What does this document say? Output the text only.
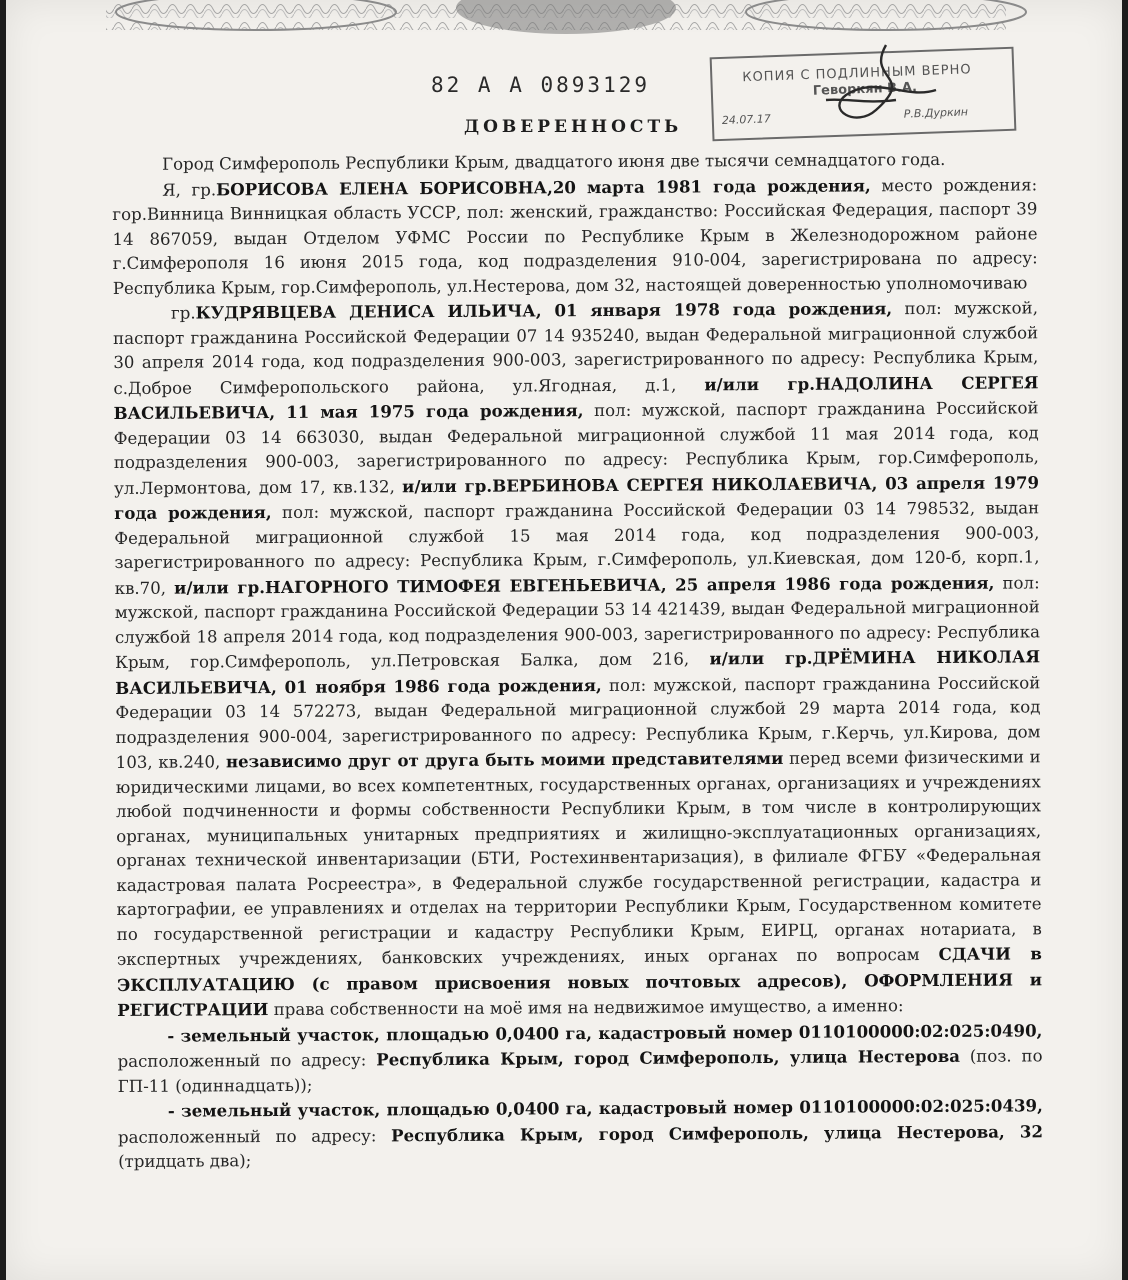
КОПИЯ С ПОДЛИННЫМ ВЕРНО
Геворкян В.А.
24.07.17	Р.В.Дуркин
82 А А 0893129
ДОВЕРЕННОСТЬ

Город Симферополь Республики Крым, двадцатого июня две тысячи семнадцатого года.

Я, гр.БОРИСОВА ЕЛЕНА БОРИСОВНА,20 марта 1981 года рождения, место рождения: гор.Винница Винницкая область УССР, пол: женский, гражданство: Российская Федерация, паспорт 39 14 867059, выдан Отделом УФМС России по Республике Крым в Железнодорожном районе г.Симферополя 16 июня 2015 года, код подразделения 910-004, зарегистрирована по адресу: Республика Крым, гор.Симферополь, ул.Нестерова, дом 32, настоящей доверенностью уполномочиваю

гр.КУДРЯВЦЕВА ДЕНИСА ИЛЬИЧА, 01 января 1978 года рождения, пол: мужской, паспорт гражданина Российской Федерации 07 14 935240, выдан Федеральной миграционной службой 30 апреля 2014 года, код подразделения 900-003, зарегистрированного по адресу: Республика Крым, с.Доброе Симферопольского района, ул.Ягодная, д.1, и/или гр.НАДОЛИНА СЕРГЕЯ ВАСИЛЬЕВИЧА, 11 мая 1975 года рождения, пол: мужской, паспорт гражданина Российской Федерации 03 14 663030, выдан Федеральной миграционной службой 11 мая 2014 года, код подразделения 900-003, зарегистрированного по адресу: Республика Крым, гор.Симферополь, ул.Лермонтова, дом 17, кв.132, и/или гр.ВЕРБИНОВА СЕРГЕЯ НИКОЛАЕВИЧА, 03 апреля 1979 года рождения, пол: мужской, паспорт гражданина Российской Федерации 03 14 798532, выдан Федеральной миграционной службой 15 мая 2014 года, код подразделения 900-003, зарегистрированного по адресу: Республика Крым, г.Симферополь, ул.Киевская, дом 120-б, корп.1, кв.70, и/или гр.НАГОРНОГО ТИМОФЕЯ ЕВГЕНЬЕВИЧА, 25 апреля 1986 года рождения, пол: мужской, паспорт гражданина Российской Федерации 53 14 421439, выдан Федеральной миграционной службой 18 апреля 2014 года, код подразделения 900-003, зарегистрированного по адресу: Республика Крым, гор.Симферополь, ул.Петровская Балка, дом 216, и/или гр.ДРЁМИНА НИКОЛАЯ ВАСИЛЬЕВИЧА, 01 ноября 1986 года рождения, пол: мужской, паспорт гражданина Российской Федерации 03 14 572273, выдан Федеральной миграционной службой 29 марта 2014 года, код подразделения 900-004, зарегистрированного по адресу: Республика Крым, г.Керчь, ул.Кирова, дом 103, кв.240, независимо друг от друга быть моими представителями перед всеми физическими и юридическими лицами, во всех компетентных, государственных органах, организациях и учреждениях любой подчиненности и формы собственности Республики Крым, в том числе в контролирующих органах, муниципальных унитарных предприятиях и жилищно-эксплуатационных организациях, органах технической инвентаризации (БТИ, Ростехинвентаризация), в филиале ФГБУ «Федеральная кадастровая палата Росреестра», в Федеральной службе государственной регистрации, кадастра и картографии, ее управлениях и отделах на территории Республики Крым, Государственном комитете по государственной регистрации и кадастру Республики Крым, ЕИРЦ, органах нотариата, в экспертных учреждениях, банковских учреждениях, иных органах по вопросам СДАЧИ в ЭКСПЛУАТАЦИЮ (с правом присвоения новых почтовых адресов), ОФОРМЛЕНИЯ и РЕГИСТРАЦИИ права собственности на моё имя на недвижимое имущество, а именно:

- земельный участок, площадью 0,0400 га, кадастровый номер 0110100000:02:025:0490, расположенный по адресу: Республика Крым, город Симферополь, улица Нестерова (поз. по ГП-11 (одиннадцать));

- земельный участок, площадью 0,0400 га, кадастровый номер 0110100000:02:025:0439, расположенный по адресу: Республика Крым, город Симферополь, улица Нестерова, 32 (тридцать два);
